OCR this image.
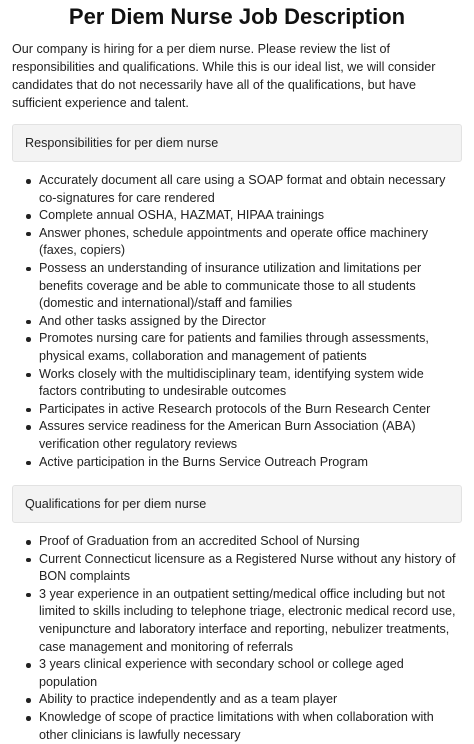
Per Diem Nurse Job Description

Our company is hiring for a per diem nurse. Please review the list of responsibilities and qualifications. While this is our ideal list, we will consider candidates that do not necessarily have all of the qualifications, but have sufficient experience and talent.

Responsibilities for per diem nurse
Accurately document all care using a SOAP format and obtain necessary co-signatures for care rendered
Complete annual OSHA, HAZMAT, HIPAA trainings
Answer phones, schedule appointments and operate office machinery (faxes, copiers)
Possess an understanding of insurance utilization and limitations per benefits coverage and be able to communicate those to all students (domestic and international)/staff and families
And other tasks assigned by the Director
Promotes nursing care for patients and families through assessments, physical exams, collaboration and management of patients
Works closely with the multidisciplinary team, identifying system wide factors contributing to undesirable outcomes
Participates in active Research protocols of the Burn Research Center
Assures service readiness for the American Burn Association (ABA) verification other regulatory reviews
Active participation in the Burns Service Outreach Program
Qualifications for per diem nurse
Proof of Graduation from an accredited School of Nursing
Current Connecticut licensure as a Registered Nurse without any history of BON complaints
3 year experience in an outpatient setting/medical office including but not limited to skills including to telephone triage, electronic medical record use, venipuncture and laboratory interface and reporting, nebulizer treatments, case management and monitoring of referrals
3 years clinical experience with secondary school or college aged population
Ability to practice independently and as a team player
Knowledge of scope of practice limitations with when collaboration with other clinicians is lawfully necessary
